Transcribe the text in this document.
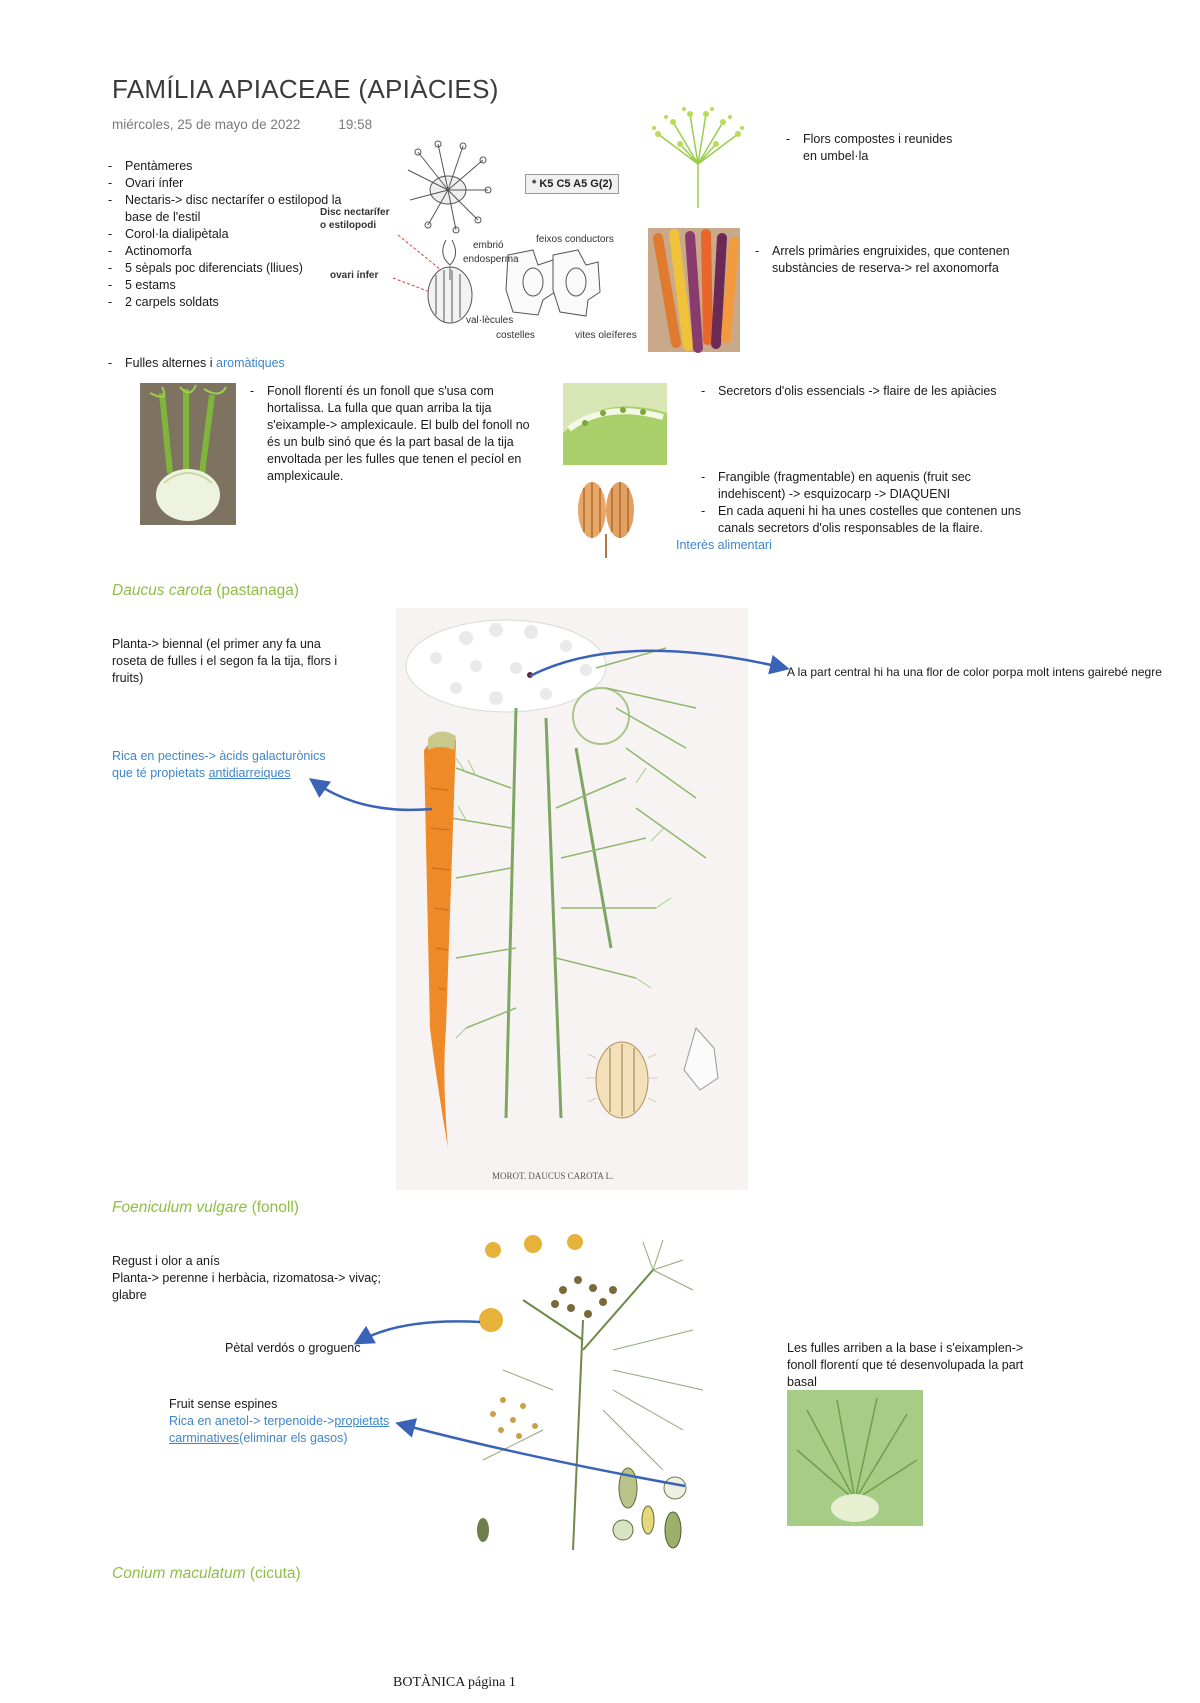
FAMÍLIA APIACEAE (APIÀCIES)
miércoles, 25 de mayo de 2022	19:58
- Pentàmeres
- Ovari ínfer
- Nectaris-> disc nectarífer o estilopod la base de l'estil
- Corol·la dialipètala
- Actinomorfa
- 5 sèpals poc diferenciats (lliues)
- 5 estams
- 2 carpels soldats
Disc nectarífer
o estilopodi
ovari ínfer
embrió
endosperma
feixos conductors
val·lècules
costelles	vites oleíferes
* K5 C5 A5 G(2)
- Flors compostes i reunides en umbel·la
- Arrels primàries engruixides, que contenen substàncies de reserva-> rel axonomorfa
- Fulles alternes i aromàtiques
- Fonoll florentí és un fonoll que s'usa com hortalissa. La fulla que quan arriba la tija s'eixample-> amplexicaule. El bulb del fonoll no és un bulb sinó que és la part basal de la tija envoltada per les fulles que tenen el pecíol en amplexicaule.
- Secretors d'olis essencials -> flaire de les apiàcies
- Frangible (fragmentable) en aquenis (fruit sec indehiscent) -> esquizocarp -> DIAQUENI
- En cada aqueni hi ha unes costelles que contenen uns canals secretors d'olis responsables de la flaire.
Interès alimentari
Daucus carota (pastanaga)
Planta-> biennal (el primer any fa una roseta de fulles i el segon fa la tija, flors i fruits)
Rica en pectines-> àcids galacturònics que té propietats antidiarreiques
A la part central hi ha una flor de color porpa molt intens gairebé negre
MOROT. DAUCUS CAROTA L.
Foeniculum vulgare (fonoll)
Regust i olor a anís
Planta-> perenne i herbàcia, rizomatosa-> vivaç; glabre
Pètal verdós o groguenc
Fruit sense espines
Rica en anetol-> terpenoide->propietats carminatives(eliminar els gasos)
Les fulles arriben a la base i s'eixamplen-> fonoll florentí que té desenvolupada la part basal
Conium maculatum (cicuta)
BOTÀNICA página 1
